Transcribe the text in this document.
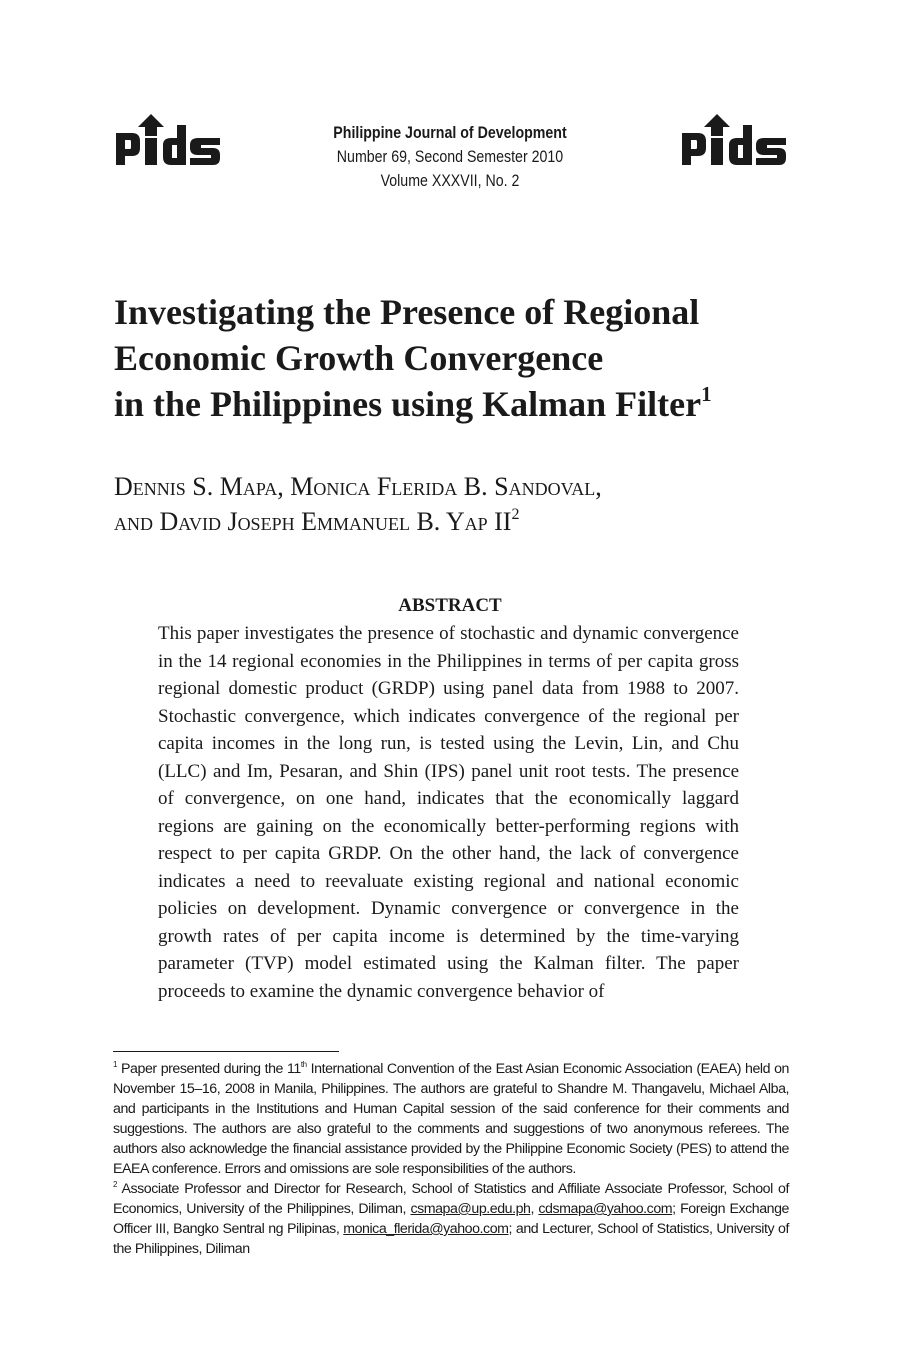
Philippine Journal of Development
Number 69, Second Semester 2010
Volume XXXVII, No. 2
Investigating the Presence of Regional
Economic Growth Convergence
in the Philippines using Kalman Filter$^1$
Dennis S. Mapa, Monica Flerida B. Sandoval,
and David Joseph Emmanuel B. Yap $II^2$
ABSTRACT

This paper investigates the presence of stochastic and dynamic convergence in the 14 regional economies in the Philippines in terms of per capita gross regional domestic product (GRDP) using panel data from 1988 to 2007. Stochastic convergence, which indicates convergence of the regional per capita incomes in the long run, is tested using the Levin, Lin, and Chu (LLC) and Im, Pesaran, and Shin (IPS) panel unit root tests. The presence of convergence, on one hand, indicates that the economically laggard regions are gaining on the economically better-performing regions with respect to per capita GRDP. On the other hand, the lack of convergence indicates a need to reevaluate existing regional and national economic policies on development. Dynamic convergence or convergence in the growth rates of per capita income is determined by the time-varying parameter (TVP) model estimated using the Kalman filter. The paper proceeds to examine the dynamic convergence behavior of

$^1$ Paper presented during the 11th International Convention of the East Asian Economic Association (EAEA) held on November 15–16, 2008 in Manila, Philippines. The authors are grateful to Shandre M. Thangavelu, Michael Alba, and participants in the Institutions and Human Capital session of the said conference for their comments and suggestions. The authors are also grateful to the comments and suggestions of two anonymous referees. The authors also acknowledge the financial assistance provided by the Philippine Economic Society (PES) to attend the EAEA conference. Errors and omissions are sole responsibilities of the authors.

$^2$ Associate Professor and Director for Research, School of Statistics and Affiliate Associate Professor, School of Economics, University of the Philippines, Diliman, csmapa@up.edu.ph, cdsmapa@yahoo.com; Foreign Exchange Officer III, Bangko Sentral ng Pilipinas, monica_flerida@yahoo.com; and Lecturer, School of Statistics, University of the Philippines, Diliman
